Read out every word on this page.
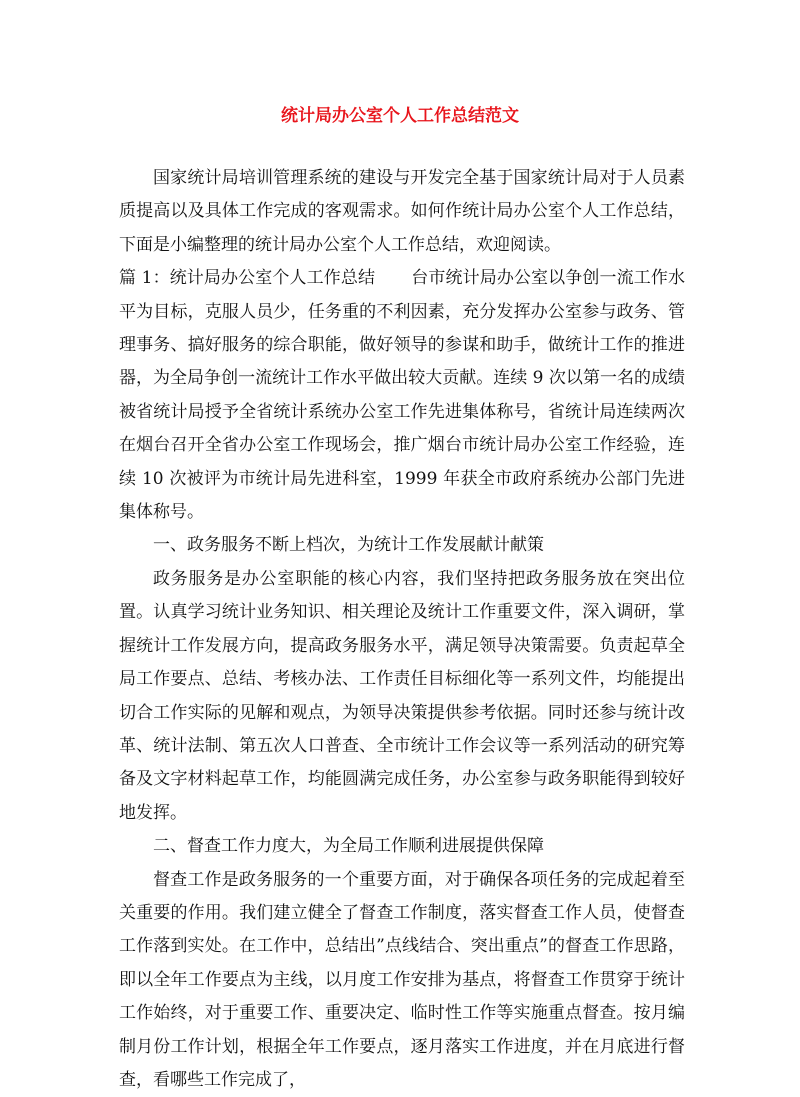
统计局办公室个人工作总结范文

国家统计局培训管理系统的建设与开发完全基于国家统计局对于人员素质提高以及具体工作完成的客观需求。如何作统计局办公室个人工作总结，下面是小编整理的统计局办公室个人工作总结，欢迎阅读。

篇 1：统计局办公室个人工作总结 台市统计局办公室以争创一流工作水平为目标，克服人员少，任务重的不利因素，充分发挥办公室参与政务、管理事务、搞好服务的综合职能，做好领导的参谋和助手，做统计工作的推进器，为全局争创一流统计工作水平做出较大贡献。连续 9 次以第一名的成绩被省统计局授予全省统计系统办公室工作先进集体称号，省统计局连续两次在烟台召开全省办公室工作现场会，推广烟台市统计局办公室工作经验，连续 10 次被评为市统计局先进科室，1999 年获全市政府系统办公部门先进集体称号。

一、政务服务不断上档次，为统计工作发展献计献策

政务服务是办公室职能的核心内容，我们坚持把政务服务放在突出位置。认真学习统计业务知识、相关理论及统计工作重要文件，深入调研，掌握统计工作发展方向，提高政务服务水平，满足领导决策需要。负责起草全局工作要点、总结、考核办法、工作责任目标细化等一系列文件，均能提出切合工作实际的见解和观点，为领导决策提供参考依据。同时还参与统计改革、统计法制、第五次人口普查、全市统计工作会议等一系列活动的研究筹备及文字材料起草工作，均能圆满完成任务，办公室参与政务职能得到较好地发挥。

二、督查工作力度大，为全局工作顺利进展提供保障

督查工作是政务服务的一个重要方面，对于确保各项任务的完成起着至关重要的作用。我们建立健全了督查工作制度，落实督查工作人员，使督查工作落到实处。在工作中，总结出”点线结合、突出重点”的督查工作思路，即以全年工作要点为主线，以月度工作安排为基点，将督查工作贯穿于统计工作始终，对于重要工作、重要决定、临时性工作等实施重点督查。按月编制月份工作计划，根据全年工作要点，逐月落实工作进度，并在月底进行督查，看哪些工作完成了，
